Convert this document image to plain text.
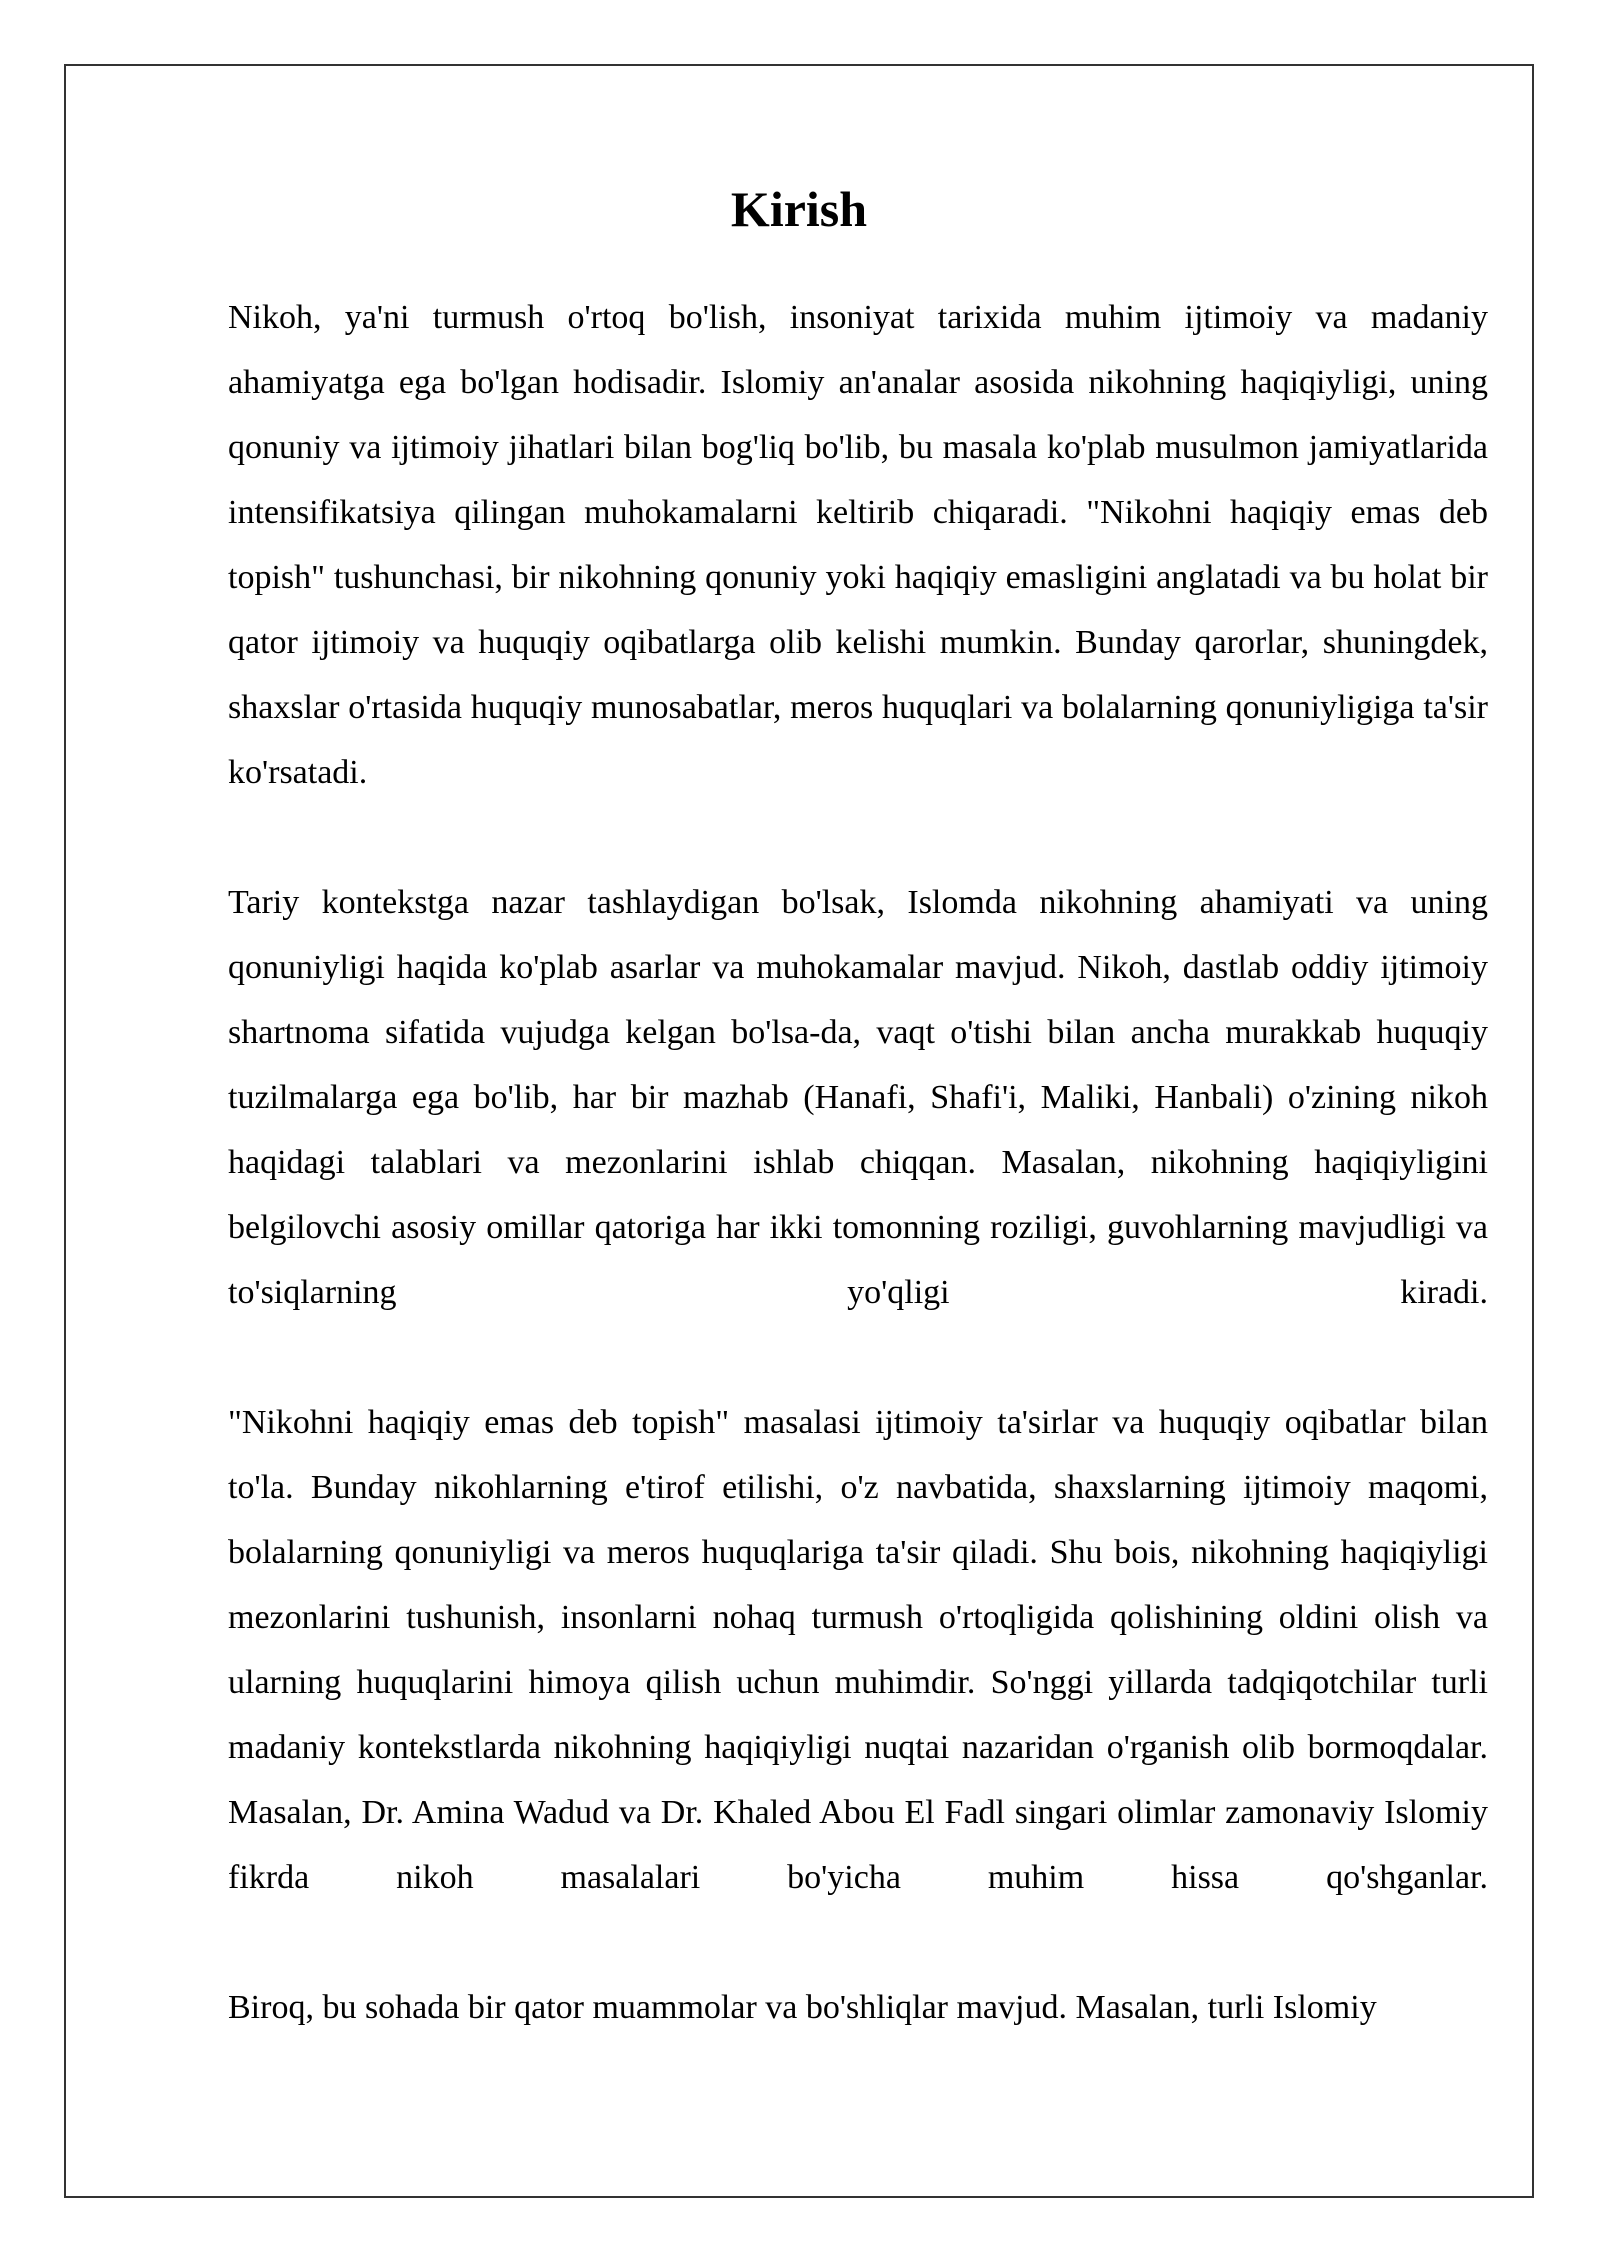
Kirish

Nikoh, ya'ni turmush o'rtoq bo'lish, insoniyat tarixida muhim ijtimoiy va madaniy ahamiyatga ega bo'lgan hodisadir. Islomiy an'analar asosida nikohning haqiqiyligi, uning qonuniy va ijtimoiy jihatlari bilan bog'liq bo'lib, bu masala ko'plab musulmon jamiyatlarida intensifikatsiya qilingan muhokamalarni keltirib chiqaradi. "Nikohni haqiqiy emas deb topish" tushunchasi, bir nikohning qonuniy yoki haqiqiy emasligini anglatadi va bu holat bir qator ijtimoiy va huquqiy oqibatlarga olib kelishi mumkin. Bunday qarorlar, shuningdek, shaxslar o'rtasida huquqiy munosabatlar, meros huquqlari va bolalarning qonuniyligiga ta'sir ko'rsatadi.

Tariy kontekstga nazar tashlaydigan bo'lsak, Islomda nikohning ahamiyati va uning qonuniyligi haqida ko'plab asarlar va muhokamalar mavjud. Nikoh, dastlab oddiy ijtimoiy shartnoma sifatida vujudga kelgan bo'lsa-da, vaqt o'tishi bilan ancha murakkab huquqiy tuzilmalarga ega bo'lib, har bir mazhab (Hanafi, Shafi'i, Maliki, Hanbali) o'zining nikoh haqidagi talablari va mezonlarini ishlab chiqqan. Masalan, nikohning haqiqiyligini belgilovchi asosiy omillar qatoriga har ikki tomonning roziligi, guvohlarning mavjudligi va to'siqlarning yo'qligi kiradi.

"Nikohni haqiqiy emas deb topish" masalasi ijtimoiy ta'sirlar va huquqiy oqibatlar bilan to'la. Bunday nikohlarning e'tirof etilishi, o'z navbatida, shaxslarning ijtimoiy maqomi, bolalarning qonuniyligi va meros huquqlariga ta'sir qiladi. Shu bois, nikohning haqiqiyligi mezonlarini tushunish, insonlarni nohaq turmush o'rtoqligida qolishining oldini olish va ularning huquqlarini himoya qilish uchun muhimdir. So'nggi yillarda tadqiqotchilar turli madaniy kontekstlarda nikohning haqiqiyligi nuqtai nazaridan o'rganish olib bormoqdalar. Masalan, Dr. Amina Wadud va Dr. Khaled Abou El Fadl singari olimlar zamonaviy Islomiy fikrda nikoh masalalari bo'yicha muhim hissa qo'shganlar.

Biroq, bu sohada bir qator muammolar va bo'shliqlar mavjud. Masalan, turli Islomiy
